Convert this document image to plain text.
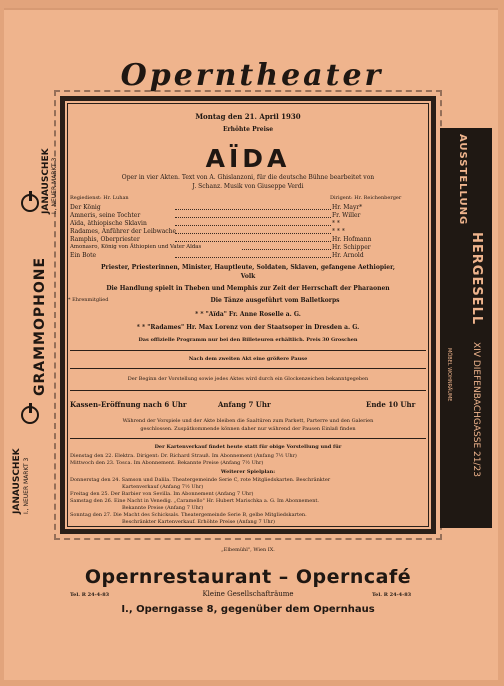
Operntheater
Montag den 21. April 1930
Erhöhte Preise
AÏDA
Oper in vier Akten. Text von A. Ghislanzoni, für die deutsche Bühne bearbeitet von
J. Schanz. Musik von Giuseppe Verdi
Regiedienst: Hr. Luhan	Dirigent: Hr. Reichenberger
Der König	Hr. Mayr*
Amneris, seine Tochter	Fr. Willer
Aïda, äthiopische Sklavin	* *
Radames, Anführer der Leibwache	* * *
Ramphis, Oberpriester	Hr. Hofmann
Amonasro, König von Äthiopien und Vater Aïdas	Hr. Schipper
Ein Bote	Hr. Arnold
Priester, Priesterinnen, Minister, Hauptleute, Soldaten, Sklaven, gefangene Aethiopier,
Volk
Die Handlung spielt in Theben und Memphis zur Zeit der Herrschaft der Pharaonen
* Ehrenmitglied	Die Tänze ausgeführt vom Balletkorps
* * "Aïda" Fr. Anne Roselle a. G.
* * "Radames" Hr. Max Lorenz von der Staatsoper in Dresden a. G.
Das offizielle Programm nur bei den Billeteuren erhältlich. Preis 30 Groschen
Nach dem zweiten Akt eine größere Pause
Der Beginn der Vorstellung sowie jedes Aktes wird durch ein Glockenzeichen bekanntgegeben
Kassen-Eröffnung nach 6 Uhr	Anfang 7 Uhr	Ende 10 Uhr
Während der Vorspiele und der Akte bleiben die Saaltüren zum Parkett, Parterre und den Galerien
geschlossen. Zuspätkommende können daher nur während der Pausen Einlaß finden
Der Kartenverkauf findet heute statt für obige Vorstellung und für
Dienstag den 22. Elektra. Dirigent: Dr. Richard Strauß. Im Abonnement (Anfang 7½ Uhr)
Mittwoch den 23. Tosca. Im Abonnement. Bekannte Preise (Anfang 7½ Uhr)
Weiterer Spielplan:
Donnerstag den 24. Samson und Dalila. Theatergemeinde Serie C, rote Mitgliedskarten. Beschränkter
Kartenverkauf (Anfang 7½ Uhr)
Freitag den 25. Der Barbier von Sevilla. Im Abonnement (Anfang 7 Uhr)
Samstag den 26. Eine Nacht in Venedig. „Caramello" Hr. Hubert Marischka a. G. Im Abonnement.
Bekannte Preise (Anfang 7 Uhr)
Sonntag den 27. Die Macht des Schicksals. Theatergemeinde Serie B, gelbe Mitgliedskarten.
Beschränkter Kartenverkauf. Erhöhte Preise (Anfang 7 Uhr)
„Elbemühl", Wien IX.
Opernrestaurant – Operncafé
Tel. R 24-4-83	Kleine Gesellschafträume	Tel. R 24-4-83
I., Operngasse 8, gegenüber dem Opernhaus
JANAUSCHEK I., NEUER MARKT 3
GRAMMOPHONE
JANAUSCHEK I., NEUER MARKT 3	AUSSTELLUNG
HERGESELL
XIV DIEFENBACHGASSE 21/23
MÖBEL WOHNRÄUME
